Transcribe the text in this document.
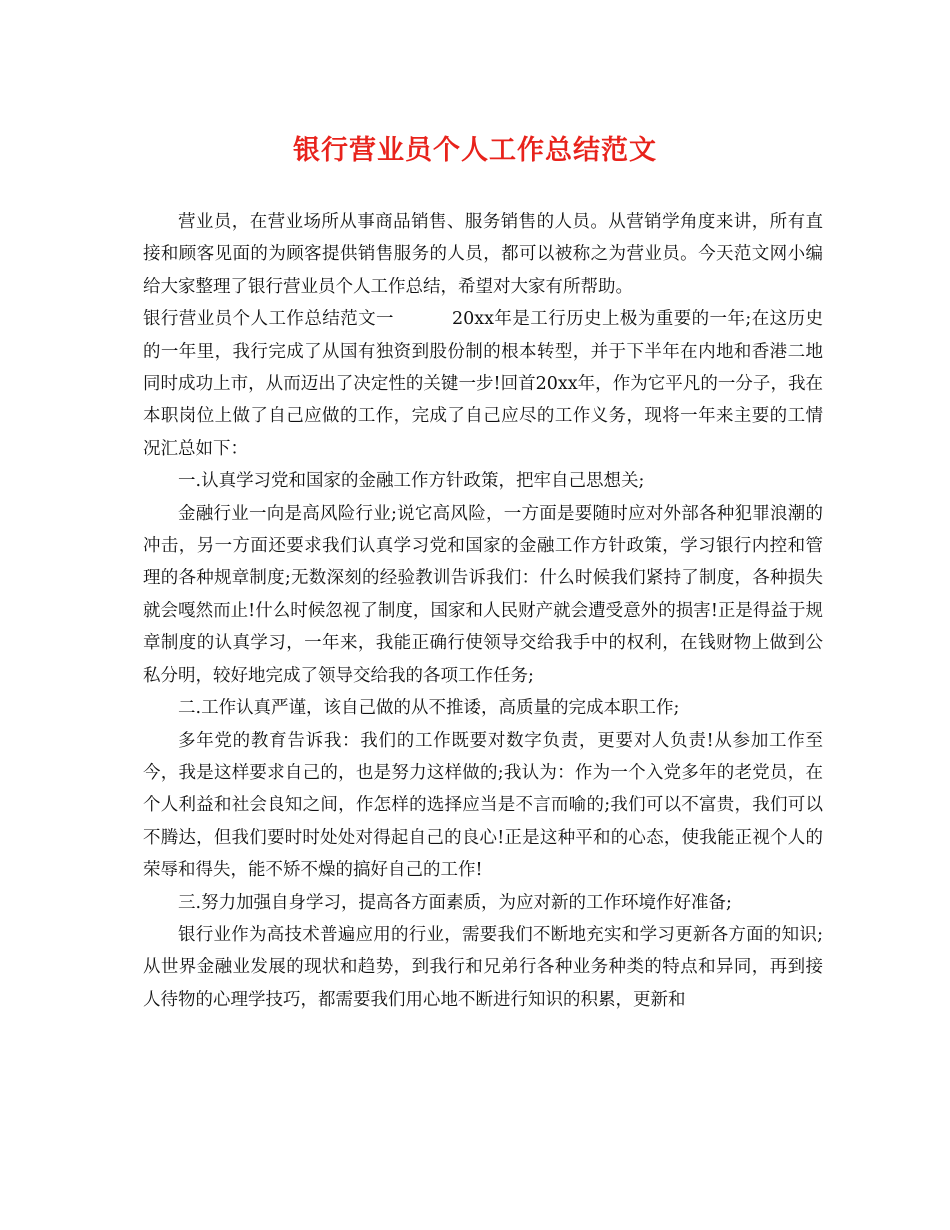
银行营业员个人工作总结范文

营业员，在营业场所从事商品销售、服务销售的人员。从营销学角度来讲，所有直接和顾客见面的为顾客提供销售服务的人员，都可以被称之为营业员。今天范文网小编给大家整理了银行营业员个人工作总结，希望对大家有所帮助。

银行营业员个人工作总结范文一	20xx年是工行历史上极为重要的一年;在这历史的一年里，我行完成了从国有独资到股份制的根本转型，并于下半年在内地和香港二地同时成功上市，从而迈出了决定性的关键一步!回首20xx年，作为它平凡的一分子，我在本职岗位上做了自己应做的工作，完成了自己应尽的工作义务，现将一年来主要的工情况汇总如下：

一.认真学习党和国家的金融工作方针政策，把牢自己思想关;

金融行业一向是高风险行业;说它高风险，一方面是要随时应对外部各种犯罪浪潮的冲击，另一方面还要求我们认真学习党和国家的金融工作方针政策，学习银行内控和管理的各种规章制度;无数深刻的经验教训告诉我们：什么时候我们紧持了制度，各种损失就会嘎然而止!什么时候忽视了制度，国家和人民财产就会遭受意外的损害!正是得益于规章制度的认真学习，一年来，我能正确行使领导交给我手中的权利，在钱财物上做到公私分明，较好地完成了领导交给我的各项工作任务;

二.工作认真严谨，该自己做的从不推诿，高质量的完成本职工作;

多年党的教育告诉我：我们的工作既要对数字负责，更要对人负责!从参加工作至今，我是这样要求自己的，也是努力这样做的;我认为：作为一个入党多年的老党员，在个人利益和社会良知之间，作怎样的选择应当是不言而喻的;我们可以不富贵，我们可以不腾达，但我们要时时处处对得起自己的良心!正是这种平和的心态，使我能正视个人的荣辱和得失，能不矫不燥的搞好自己的工作!

三.努力加强自身学习，提高各方面素质，为应对新的工作环境作好准备;

银行业作为高技术普遍应用的行业，需要我们不断地充实和学习更新各方面的知识;从世界金融业发展的现状和趋势，到我行和兄弟行各种业务种类的特点和异同，再到接人待物的心理学技巧，都需要我们用心地不断进行知识的积累，更新和
